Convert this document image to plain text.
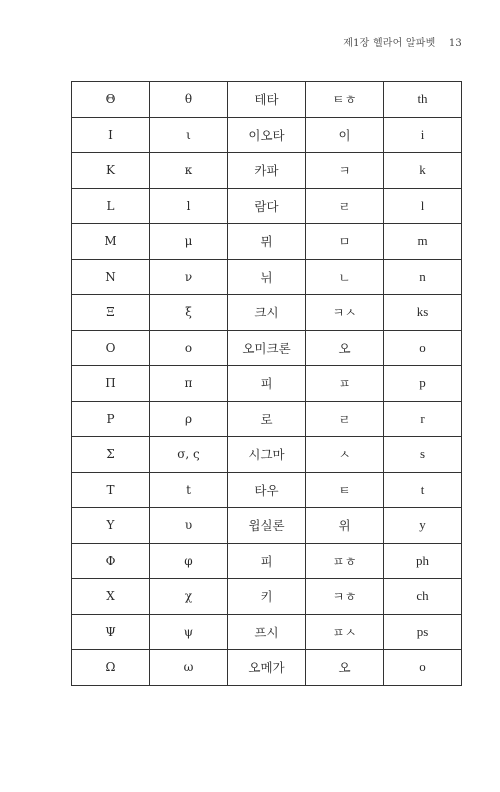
제1장 헬라어 알파벳 13
Θ	θ	테타	ㅌㅎ	th
I	ι	이오타	이	i
K	κ	카파	ㅋ	k
L	l	람다	ㄹ	l
M	μ	뮈	ㅁ	m
N	ν	뉘	ㄴ	n
Ξ	ξ	크시	ㅋㅅ	ks
O	o	오미크론	오	o
Π	π	피	ㅍ	p
P	ρ	로	ㄹ	r
Σ	σ, ς	시그마	ㅅ	s
T	t	타우	ㅌ	t
Y	υ	윕실론	위	y
Φ	φ	피	ㅍㅎ	ph
X	χ	키	ㅋㅎ	ch
Ψ	ψ	프시	ㅍㅅ	ps
Ω	ω	오메가	오	o
